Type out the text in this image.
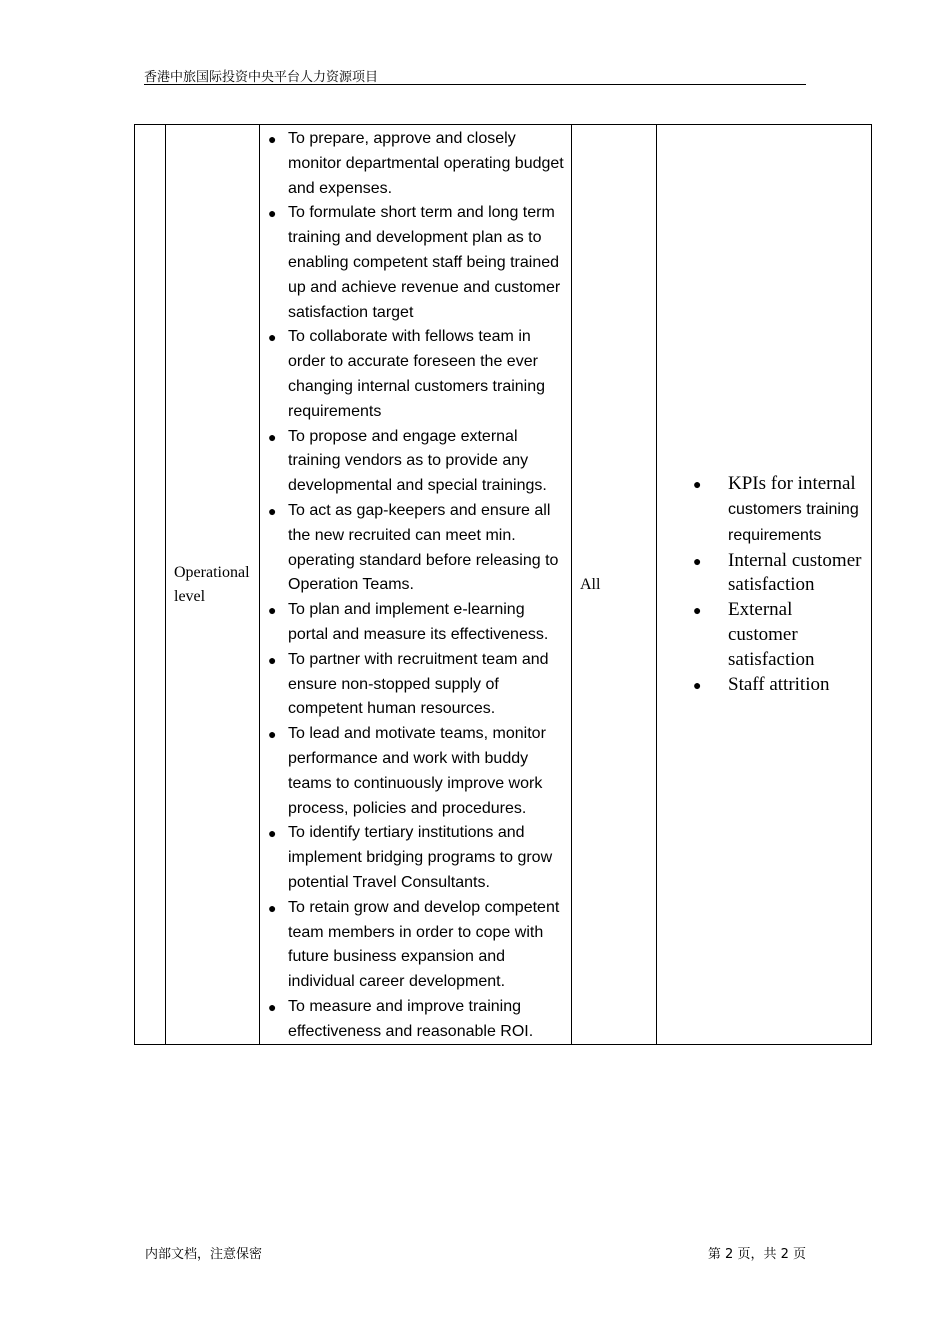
香港中旅国际投资中央平台人力资源项目
	Operational level	
● To prepare, approve and closely monitor departmental operating budget and expenses.
● To formulate short term and long term training and development plan as to enabling competent staff being trained up and achieve revenue and customer satisfaction target
● To collaborate with fellows team in order to accurate foreseen the ever changing internal customers training requirements
● To propose and engage external training vendors as to provide any developmental and special trainings.
● To act as gap-keepers and ensure all the new recruited can meet min. operating standard before releasing to Operation Teams.
● To plan and implement e-learning portal and measure its effectiveness.
● To partner with recruitment team and ensure non-stopped supply of competent human resources.
● To lead and motivate teams, monitor performance and work with buddy teams to continuously improve work process, policies and procedures.
● To identify tertiary institutions and implement bridging programs to grow potential Travel Consultants.
● To retain grow and develop competent team members in order to cope with future business expansion and individual career development.
● To measure and improve training effectiveness and reasonable ROI.
	All	
● KPIs for internal customers training requirements
● Internal customer satisfaction
● External customer satisfaction
● Staff attrition
内部文档，注意保密	第 2 页，共 2 页
